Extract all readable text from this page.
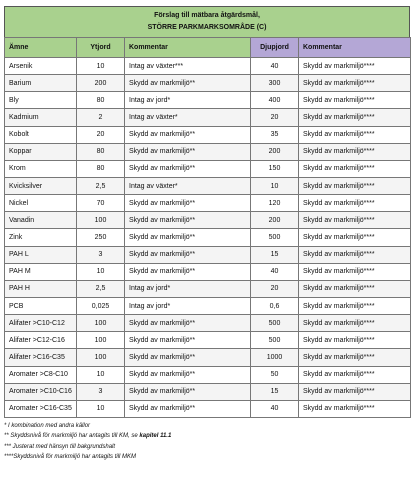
Förslag till mätbara åtgärdsmål,
STÖRRE PARKMARKSOMRÅDE (C)
Ämne	Ytjord	Kommentar	Djupjord	Kommentar
Arsenik	10	Intag av växter***	40	Skydd av markmiljö****
Barium	200	Skydd av markmiljö**	300	Skydd av markmiljö****
Bly	80	Intag av jord*	400	Skydd av markmiljö****
Kadmium	2	Intag av växter*	20	Skydd av markmiljö****
Kobolt	20	Skydd av markmiljö**	35	Skydd av markmiljö****
Koppar	80	Skydd av markmiljö**	200	Skydd av markmiljö****
Krom	80	Skydd av markmiljö**	150	Skydd av markmiljö****
Kvicksilver	2,5	Intag av växter*	10	Skydd av markmiljö****
Nickel	70	Skydd av markmiljö**	120	Skydd av markmiljö****
Vanadin	100	Skydd av markmiljö**	200	Skydd av markmiljö****
Zink	250	Skydd av markmiljö**	500	Skydd av markmiljö****
PAH L	3	Skydd av markmiljö**	15	Skydd av markmiljö****
PAH M	10	Skydd av markmiljö**	40	Skydd av markmiljö****
PAH H	2,5	Intag av jord*	20	Skydd av markmiljö****
PCB	0,025	Intag av jord*	0,6	Skydd av markmiljö****
Alifater >C10-C12	100	Skydd av markmiljö**	500	Skydd av markmiljö****
Alifater >C12-C16	100	Skydd av markmiljö**	500	Skydd av markmiljö****
Alifater >C16-C35	100	Skydd av markmiljö**	1000	Skydd av markmiljö****
Aromater >C8-C10	10	Skydd av markmiljö**	50	Skydd av markmiljö****
Aromater >C10-C16	3	Skydd av markmiljö**	15	Skydd av markmiljö****
Aromater >C16-C35	10	Skydd av markmiljö**	40	Skydd av markmiljö****
* I kombination med andra källor
** Skyddsnivå för markmiljö har antagits till KM, se kapitel 11.1
*** Justerat med hänsyn till bakgrundshalt
****Skyddsnivå för markmiljö har antagits till MKM
